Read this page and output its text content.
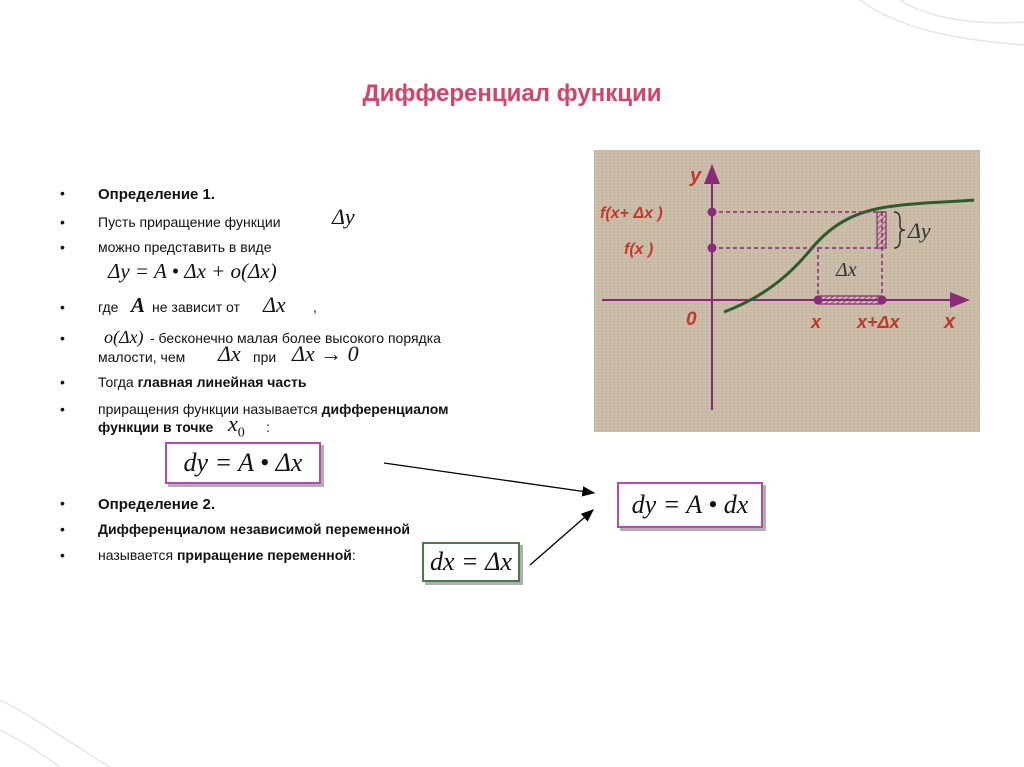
Дифференциал функции
• Определение 1.
• Пусть приращение функции Δy
• можно представить в виде
Δy = A • Δx + o(Δx)
• где A не зависит от Δx ,
• o(Δx) - бесконечно малая более высокого порядка
малости, чем Δx при Δx → 0
• Тогда главная линейная часть
• приращения функции называется дифференциалом
функции в точке $x_0$ :
dy = A • Δx
• Определение 2.
• Дифференциалом независимой переменной
• называется приращение переменной:	dx = Δx
dy = A • dx
y
x
0
f(x+ Δx )
f(x )
x x+Δx
Δx
Δy
